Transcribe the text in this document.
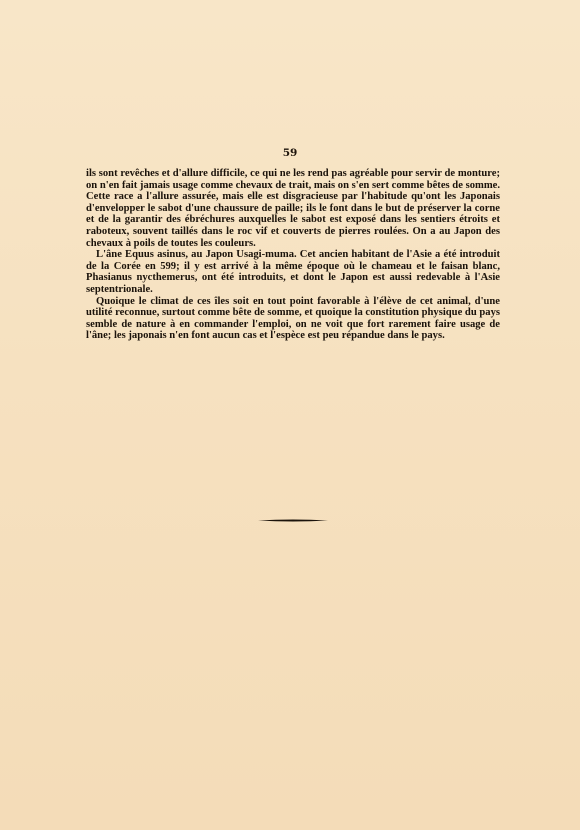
59

ils sont revêches et d'allure difficile, ce qui ne les rend pas agréable pour servir de monture; on n'en fait jamais usage comme chevaux de trait, mais on s'en sert comme bêtes de somme. Cette race a l'allure assurée, mais elle est disgracieuse par l'habitude qu'ont les Japonais d'envelopper le sabot d'une chaussure de paille; ils le font dans le but de préserver la corne et de la garantir des ébréchures auxquelles le sabot est exposé dans les sentiers étroits et raboteux, souvent taillés dans le roc vif et couverts de pierres roulées. On a au Japon des chevaux à poils de toutes les couleurs.

L'âne Equus asinus, au Japon Usagi-muma. Cet ancien habitant de l'Asie a été introduit de la Corée en 599; il y est arrivé à la même époque où le chameau et le faisan blanc, Phasianus nycthemerus, ont été introduits, et dont le Japon est aussi redevable à l'Asie septentrionale.

Quoique le climat de ces îles soit en tout point favorable à l'élève de cet animal, d'une utilité reconnue, surtout comme bête de somme, et quoique la constitution physique du pays semble de nature à en commander l'emploi, on ne voit que fort rarement faire usage de l'âne; les japonais n'en font aucun cas et l'espèce est peu répandue dans le pays.
